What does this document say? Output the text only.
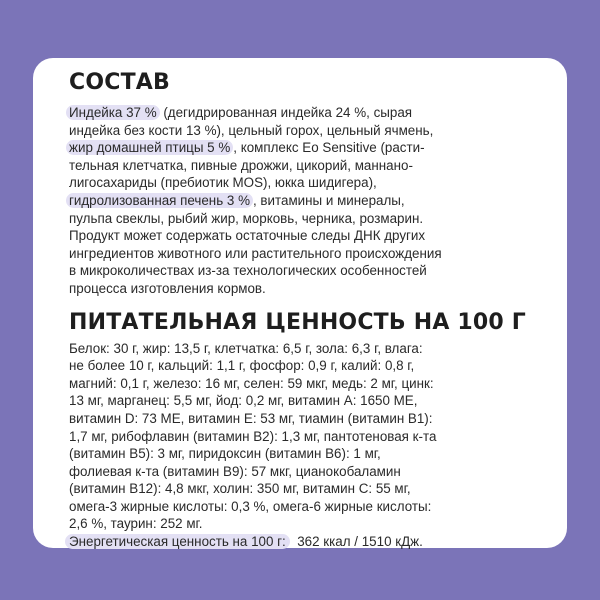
СОСТАВ
Индейка 37 % (дегидрированная индейка 24 %, сырая
индейка без кости 13 %), цельный горох, цельный ячмень,
жир домашней птицы 5 % , комплекс Eo Sensitive (расти-
тельная клетчатка, пивные дрожжи, цикорий, маннано-
лигосахариды (пребиотик MOS), юкка шидигера),
гидролизованная печень 3 % , витамины и минералы,
пульпа свеклы, рыбий жир, морковь, черника, розмарин.
Продукт может содержать остаточные следы ДНК других
ингредиентов животного или растительного происхождения
в микроколичествах из-за технологических особенностей
процесса изготовления кормов.
ПИТАТЕЛЬНАЯ ЦЕННОСТЬ НА 100 Г
Белок: 30 г, жир: 13,5 г, клетчатка: 6,5 г, зола: 6,3 г, влага:
не более 10 г, кальций: 1,1 г, фосфор: 0,9 г, калий: 0,8 г,
магний: 0,1 г, железо: 16 мг, селен: 59 мкг, медь: 2 мг, цинк:
13 мг, марганец: 5,5 мг, йод: 0,2 мг, витамин A: 1650 МЕ,
витамин D: 73 МЕ, витамин E: 53 мг, тиамин (витамин В1):
1,7 мг, рибофлавин (витамин В2): 1,3 мг, пантотеновая к-та
(витамин В5): 3 мг, пиридоксин (витамин В6): 1 мг,
фолиевая к-та (витамин В9): 57 мкг, цианокобаламин
(витамин В12): 4,8 мкг, холин: 350 мг, витамин С: 55 мг,
омега-3 жирные кислоты: 0,3 %, омега-6 жирные кислоты:
2,6 %, таурин: 252 мг.
Энергетическая ценность на 100 г: 362 ккал / 1510 кДж.
